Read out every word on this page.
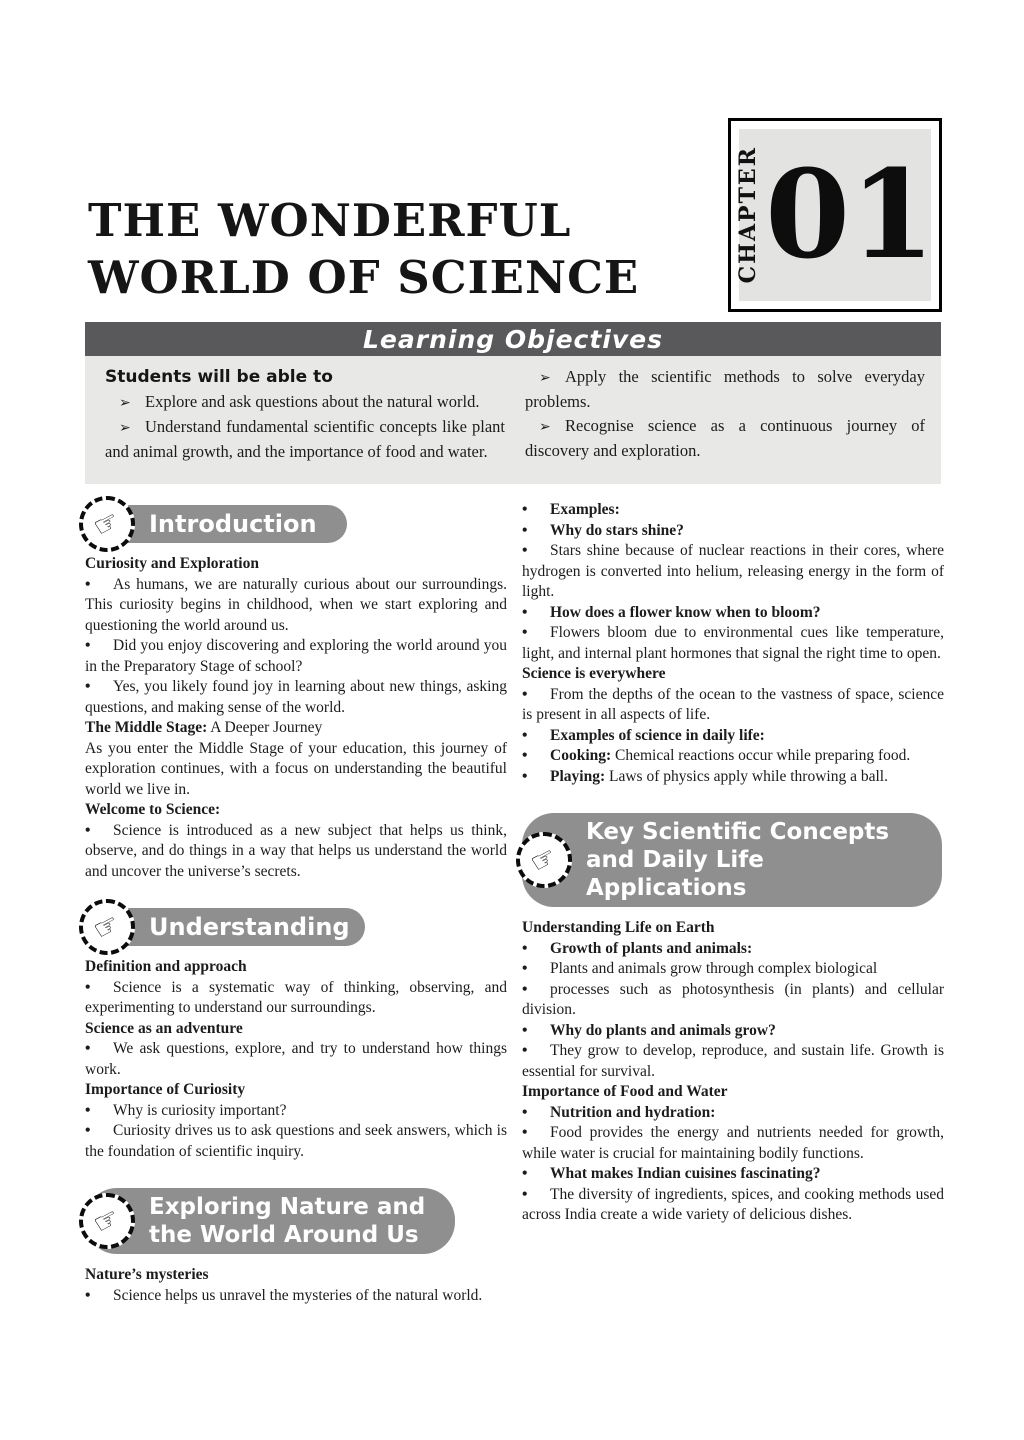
THE WONDERFUL
WORLD OF SCIENCE	CHAPTER 01
Learning Objectives
Students will be able to
➢ Explore and ask questions about the natural world.
➢ Understand fundamental scientific concepts like plant and animal growth, and the importance of food and water.
➢ Apply the scientific methods to solve everyday problems.
➢ Recognise science as a continuous journey of discovery and exploration.
☞ Introduction
Curiosity and Exploration
• As humans, we are naturally curious about our surroundings. This curiosity begins in childhood, when we start exploring and questioning the world around us.
• Did you enjoy discovering and exploring the world around you in the Preparatory Stage of school?
• Yes, you likely found joy in learning about new things, asking questions, and making sense of the world.
The Middle Stage: A Deeper Journey
As you enter the Middle Stage of your education, this journey of exploration continues, with a focus on understanding the beautiful world we live in.
Welcome to Science:
• Science is introduced as a new subject that helps us think, observe, and do things in a way that helps us understand the world and uncover the universe’s secrets.
☞ Understanding
Definition and approach
• Science is a systematic way of thinking, observing, and experimenting to understand our surroundings.
Science as an adventure
• We ask questions, explore, and try to understand how things work.
Importance of Curiosity
• Why is curiosity important?
• Curiosity drives us to ask questions and seek answers, which is the foundation of scientific inquiry.
☞ Exploring Nature and
the World Around Us
Nature’s mysteries
• Science helps us unravel the mysteries of the natural world.
• Examples:
• Why do stars shine?
• Stars shine because of nuclear reactions in their cores, where hydrogen is converted into helium, releasing energy in the form of light.
• How does a flower know when to bloom?
• Flowers bloom due to environmental cues like temperature, light, and internal plant hormones that signal the right time to open.
Science is everywhere
• From the depths of the ocean to the vastness of space, science is present in all aspects of life.
• Examples of science in daily life:
• Cooking: Chemical reactions occur while preparing food.
• Playing: Laws of physics apply while throwing a ball.
☞
Key Scientific Concepts
and Daily Life Applications
Understanding Life on Earth
• Growth of plants and animals:
• Plants and animals grow through complex biological
• processes such as photosynthesis (in plants) and cellular division.
• Why do plants and animals grow?
• They grow to develop, reproduce, and sustain life. Growth is essential for survival.
Importance of Food and Water
• Nutrition and hydration:
• Food provides the energy and nutrients needed for growth, while water is crucial for maintaining bodily functions.
• What makes Indian cuisines fascinating?
• The diversity of ingredients, spices, and cooking methods used across India create a wide variety of delicious dishes.
